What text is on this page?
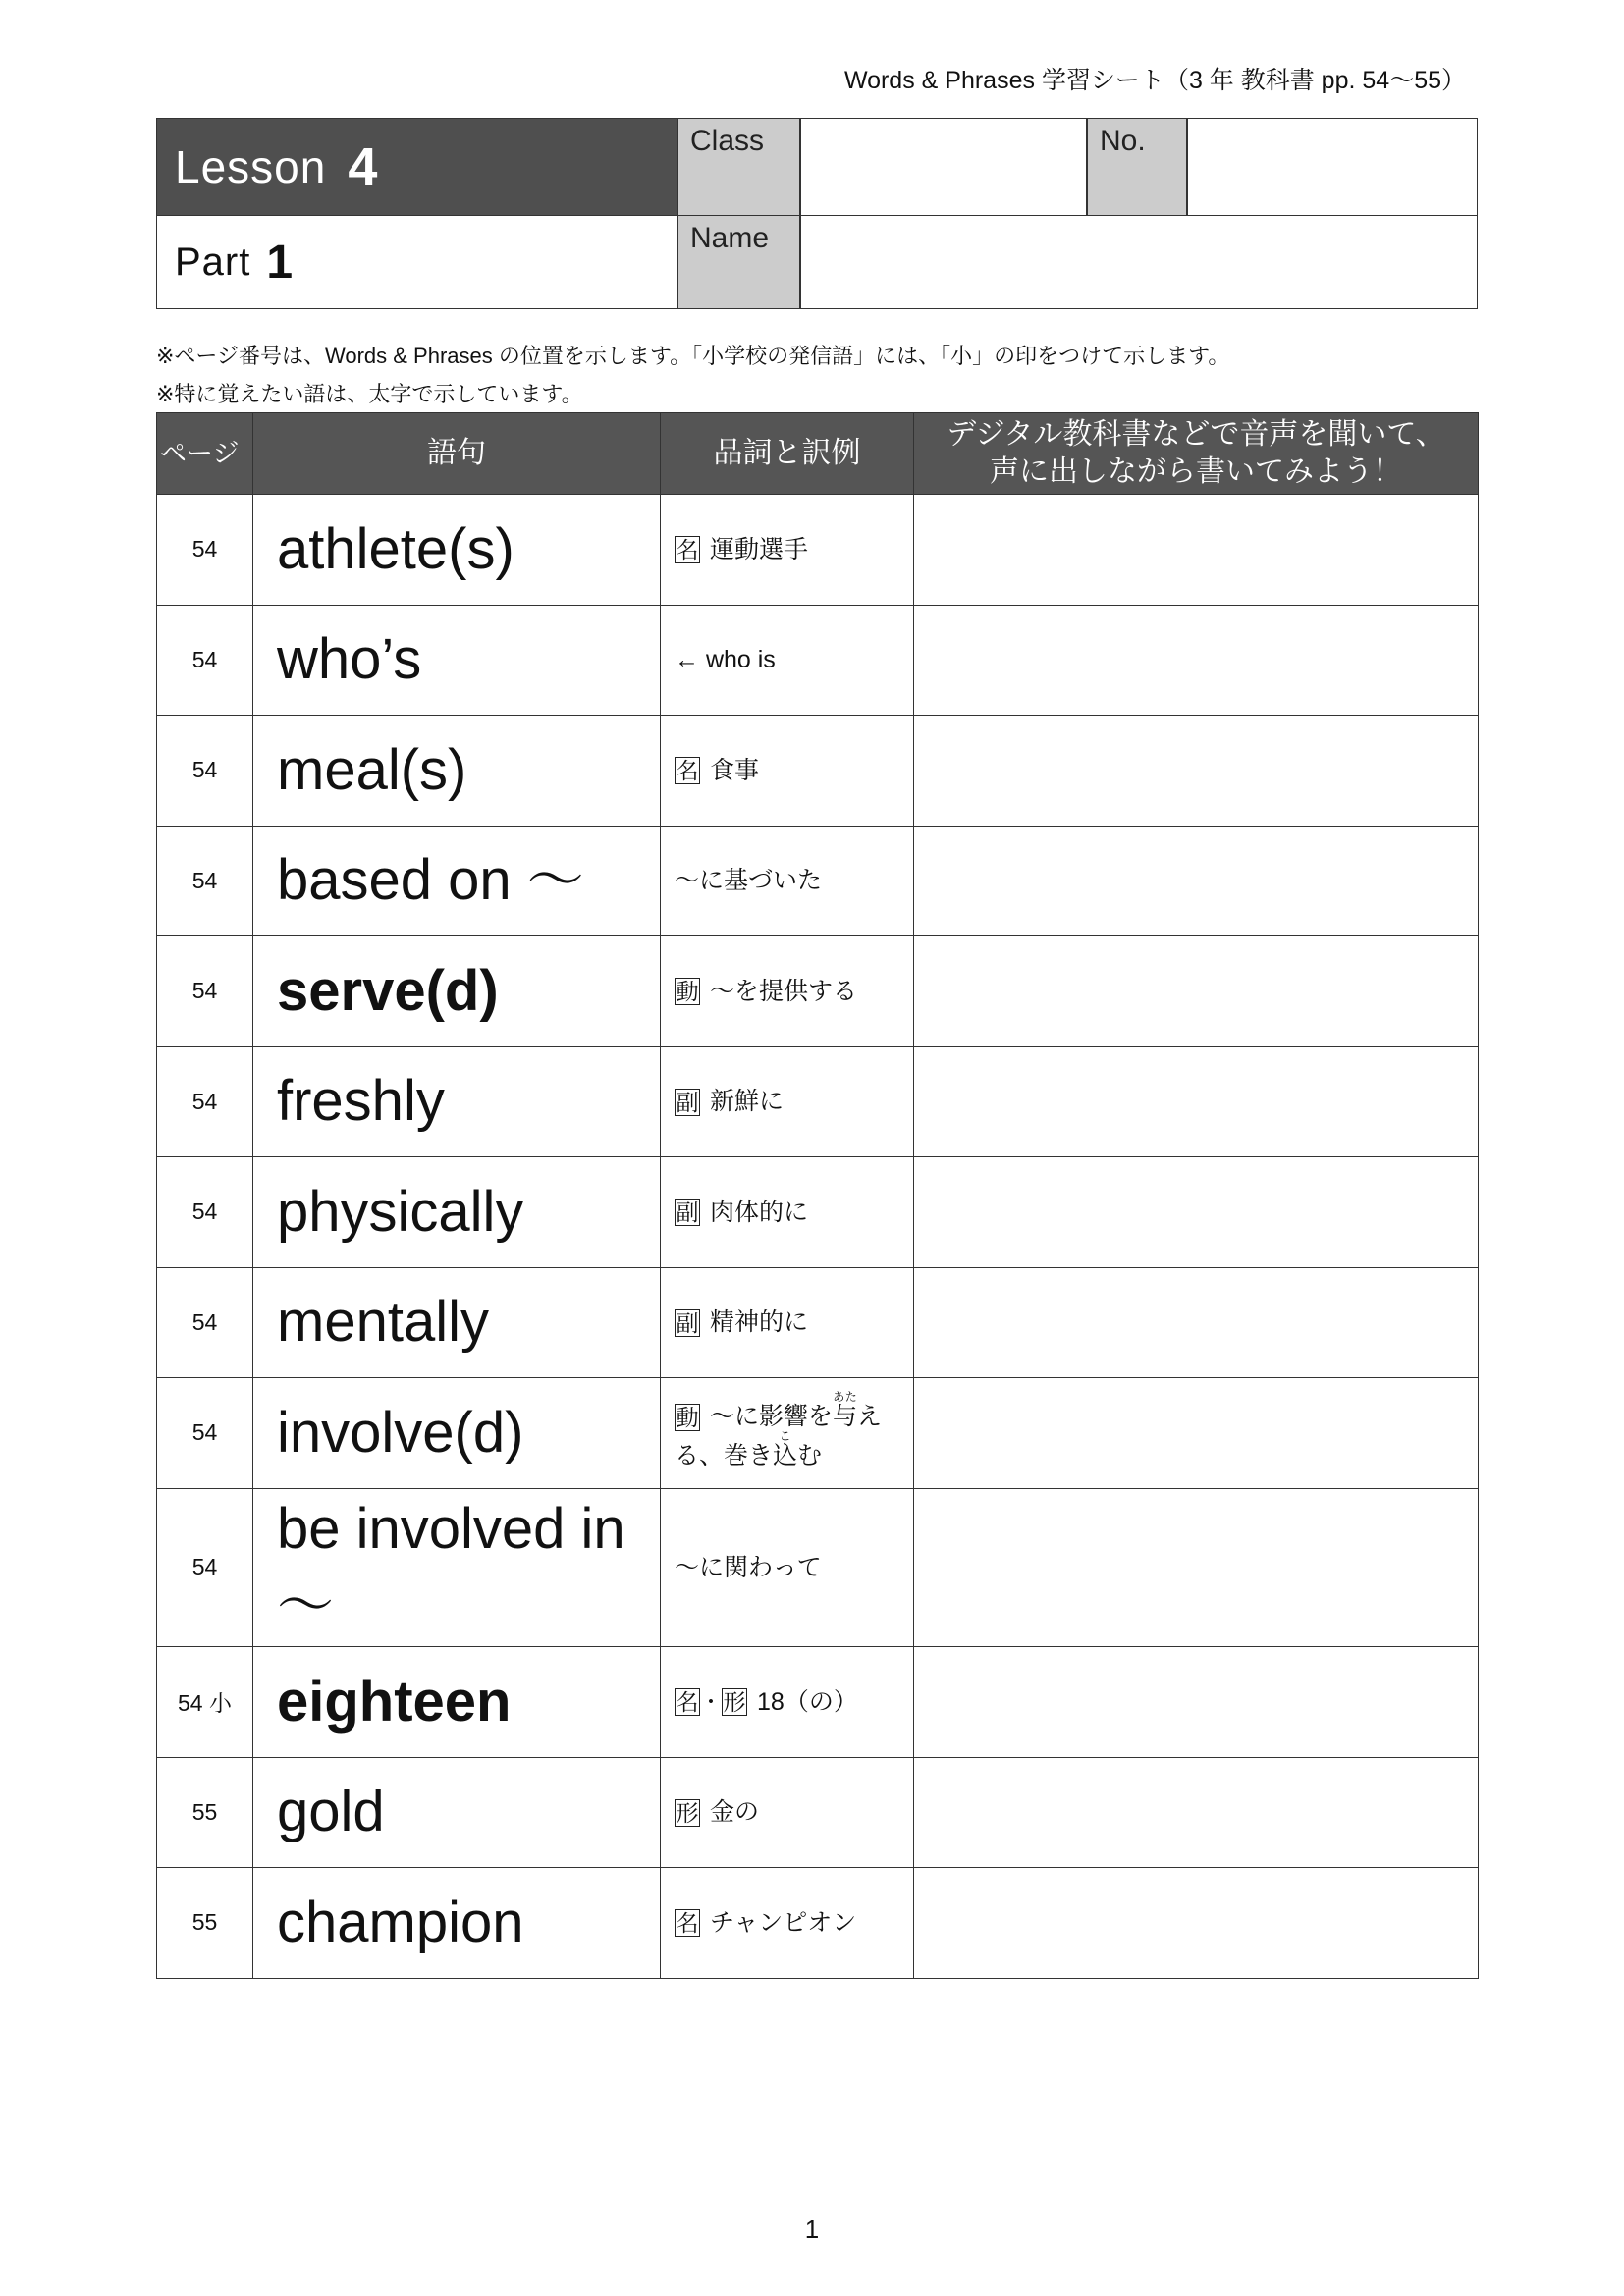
Words & Phrases 学習シート（3 年 教科書 pp. 54〜55）
Lesson 4	Class	No.
Part 1	Name

※ページ番号は、Words & Phrases の位置を示します。「小学校の発信語」には、「小」の印をつけて示します。

※特に覚えたい語は、太字で示しています。

ページ	語句	品詞と訳例	デジタル教科書などで音声を聞いて、
声に出しながら書いてみよう！

54	athlete(s)	名 運動選手	
54	who’s	← who is	
54	meal(s)	名 食事	
54	based on ～	～に基づいた	
54	serve(d)	動 ～を提供する	
54	freshly	副 新鮮に	
54	physically	副 肉体的に	
54	mentally	副 精神的に	
54	involve(d)	動 ～に影響を与あたえる、巻き込こむ	
54	be involved in ～	～に関わって	
54 小	eighteen	名・形 18（の）	
55	gold	形 金の	
55	champion	名 チャンピオン	
1
